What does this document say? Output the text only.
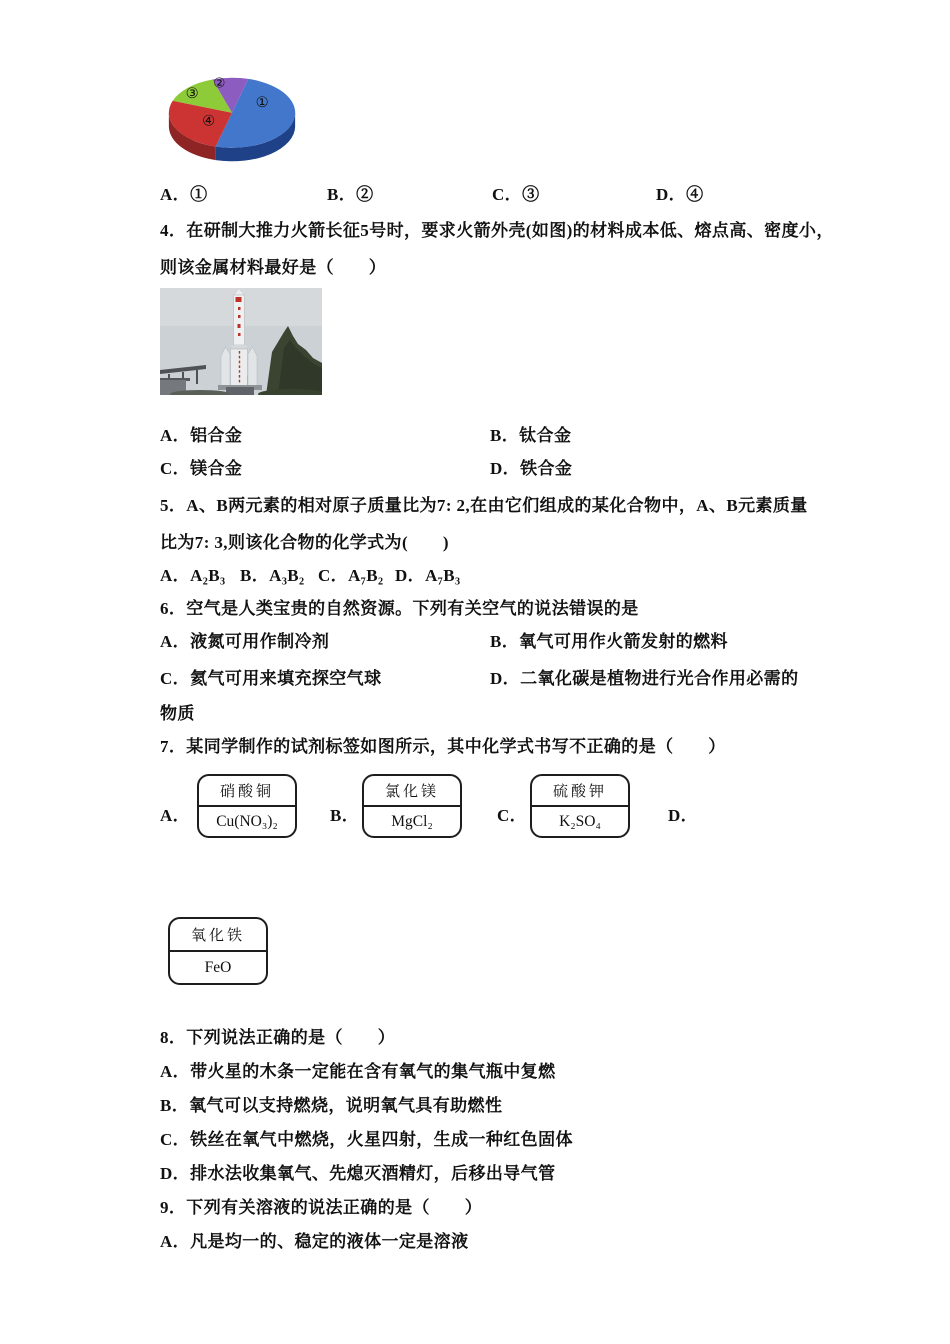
①
②
③
④
A．①	B．②	C．③	D．④
4．在研制大推力火箭长征5号时，要求火箭外壳(如图)的材料成本低、熔点高、密度小，
则该金属材料最好是（　　）
A．铝合金	B．钛合金
C．镁合金	D．铁合金
5．A、B两元素的相对原子质量比为7: 2,在由它们组成的某化合物中，A、B元素质量
比为7: 3,则该化合物的化学式为(　　)
A．A₂B₃ B．A₃B₂ C．A₇B₂ D．A₇B₃
6．空气是人类宝贵的自然资源。下列有关空气的说法错误的是
A．液氮可用作制冷剂	B．氧气可用作火箭发射的燃料
C．氦气可用来填充探空气球	D．二氧化碳是植物进行光合作用必需的
物质
7．某同学制作的试剂标签如图所示，其中化学式书写不正确的是（　　）
A．
硝酸铜
Cu(NO₃)₂	B．
氯化镁
MgCl₂	C．
硫酸钾
K₂SO₄	D．
氧化铁
FeO
8．下列说法正确的是（　　）
A．带火星的木条一定能在含有氧气的集气瓶中复燃
B．氧气可以支持燃烧，说明氧气具有助燃性
C．铁丝在氧气中燃烧，火星四射，生成一种红色固体
D．排水法收集氧气、先熄灭酒精灯，后移出导气管
9．下列有关溶液的说法正确的是（　　）
A．凡是均一的、稳定的液体一定是溶液
